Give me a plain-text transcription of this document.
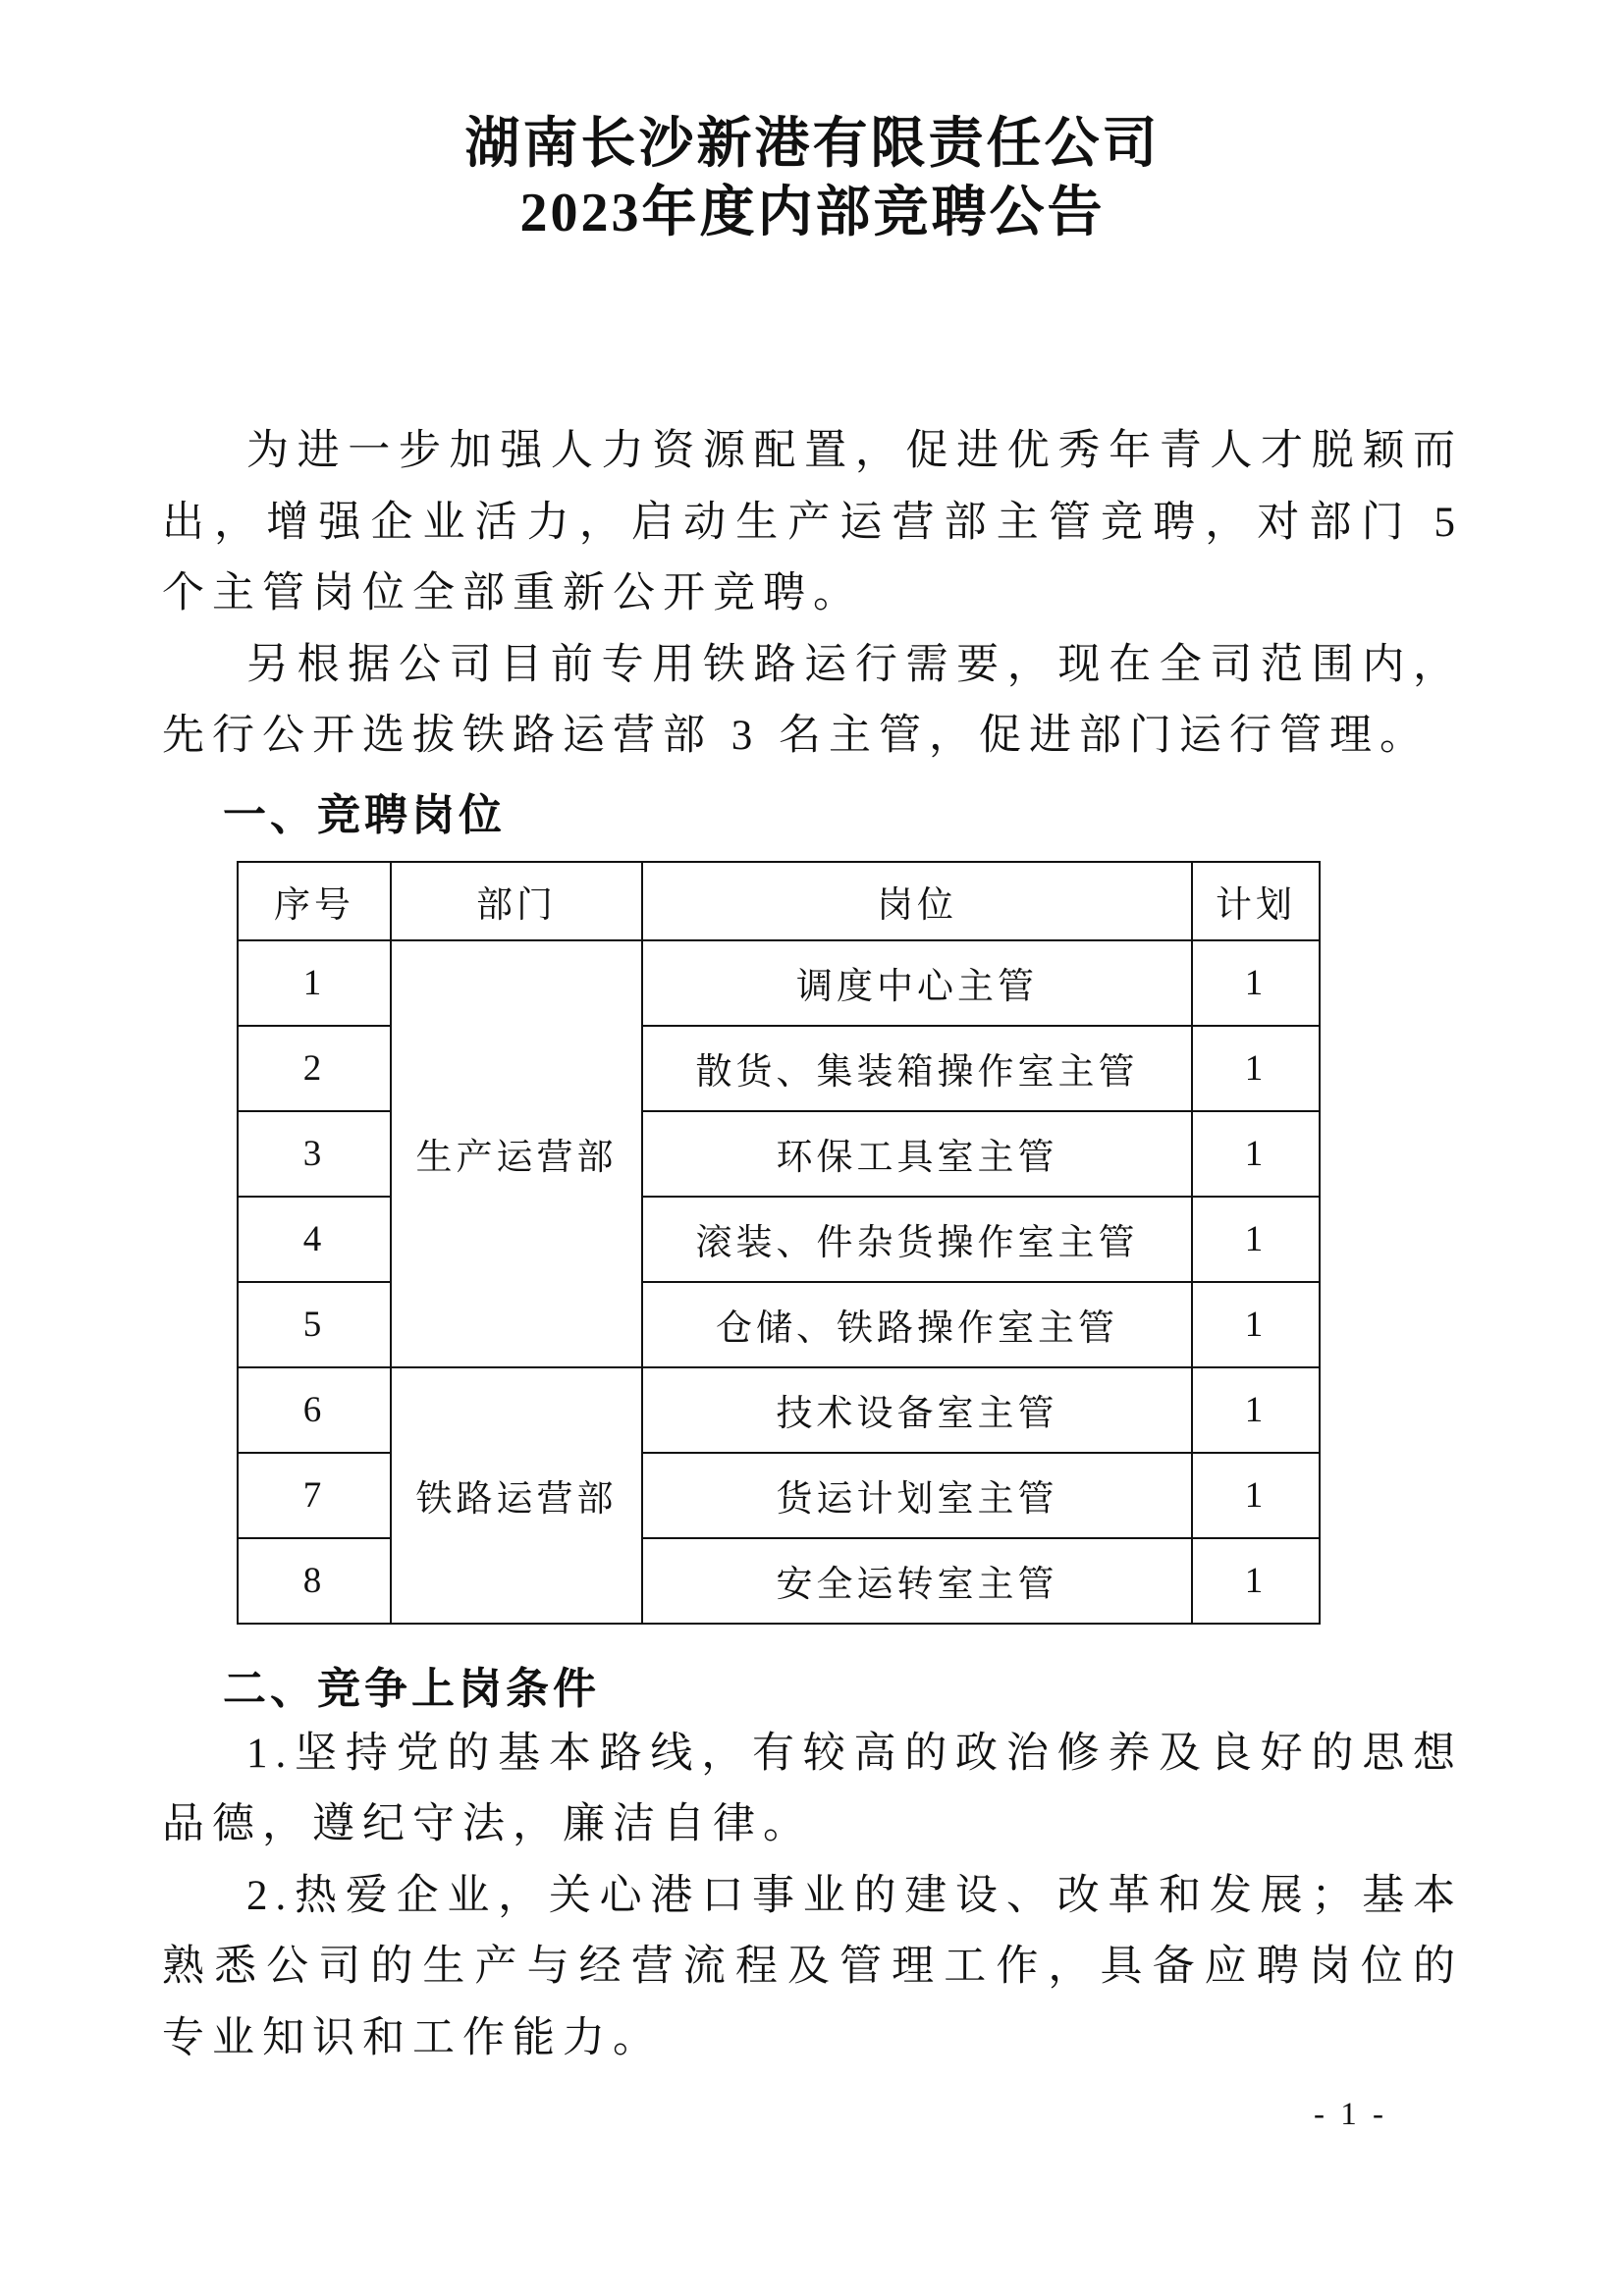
湖南长沙新港有限责任公司
2023年度内部竞聘公告

为进一步加强人力资源配置，促进优秀年青人才脱颖而出，增强企业活力，启动生产运营部主管竞聘，对部门 5 个主管岗位全部重新公开竞聘。

另根据公司目前专用铁路运行需要，现在全司范围内，先行公开选拔铁路运营部 3 名主管，促进部门运行管理。

一、竞聘岗位
序号	部门	岗位	计划
1	生产运营部	调度中心主管	1
2		散货、集装箱操作室主管	1
3		环保工具室主管	1
4		滚装、件杂货操作室主管	1
5		仓储、铁路操作室主管	1
6	铁路运营部	技术设备室主管	1
7		货运计划室主管	1
8		安全运转室主管	1
二、竞争上岗条件

1.坚持党的基本路线，有较高的政治修养及良好的思想品德，遵纪守法，廉洁自律。

2.热爱企业，关心港口事业的建设、改革和发展；基本熟悉公司的生产与经营流程及管理工作，具备应聘岗位的专业知识和工作能力。

- 1 -
